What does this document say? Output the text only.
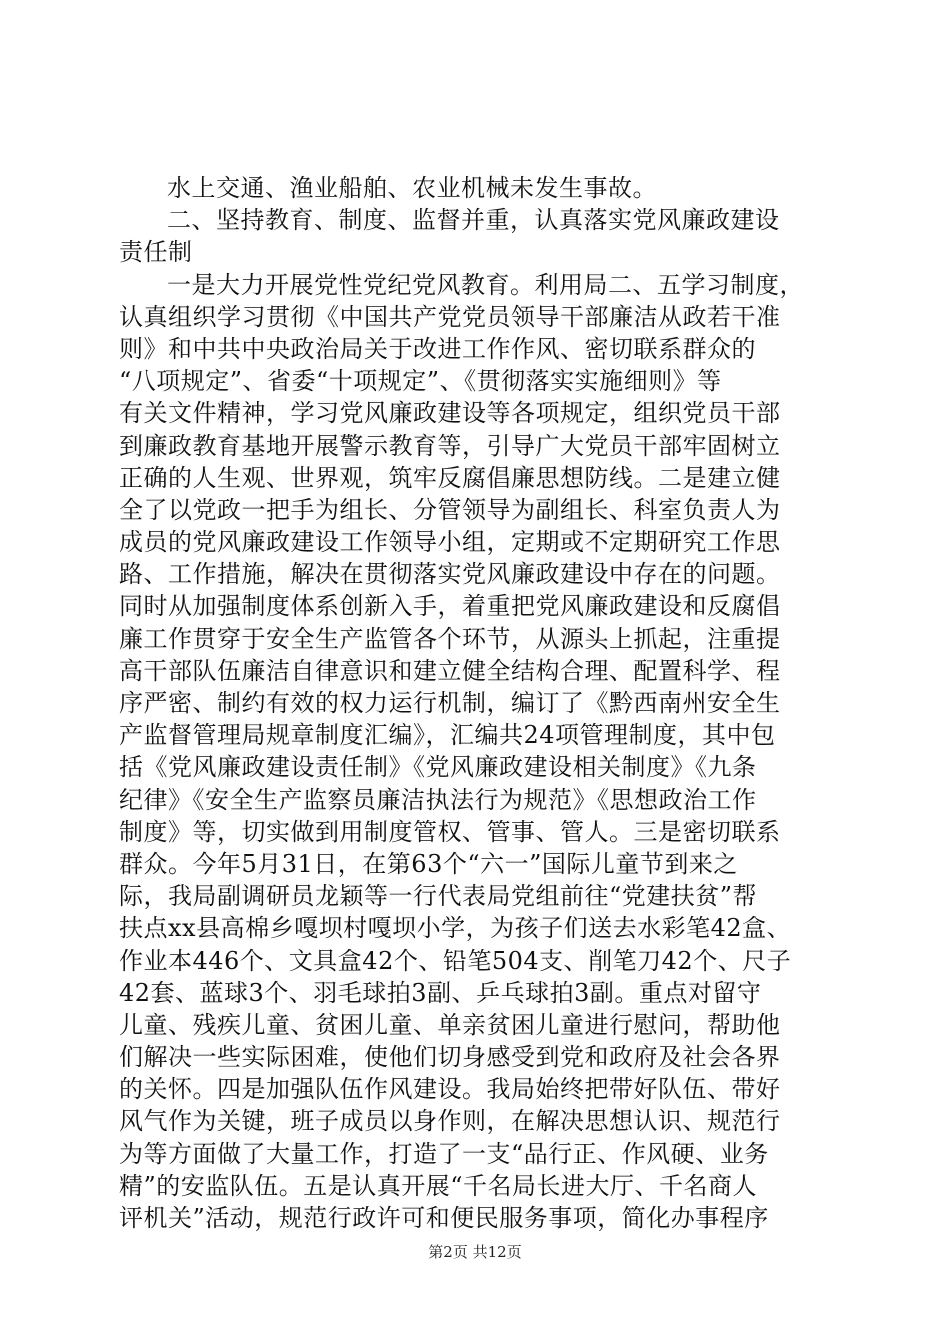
水上交通、渔业船舶、农业机械未发生事故。
二、坚持教育、制度、监督并重，认真落实党风廉政建设
责任制
一是大力开展党性党纪党风教育。利用局二、五学习制度，
认真组织学习贯彻《中国共产党党员领导干部廉洁从政若干准
则》和中共中央政治局关于改进工作作风、密切联系群众的
“八项规定”、省委“十项规定”、《贯彻落实实施细则》等
有关文件精神，学习党风廉政建设等各项规定，组织党员干部
到廉政教育基地开展警示教育等，引导广大党员干部牢固树立
正确的人生观、世界观，筑牢反腐倡廉思想防线。二是建立健
全了以党政一把手为组长、分管领导为副组长、科室负责人为
成员的党风廉政建设工作领导小组，定期或不定期研究工作思
路、工作措施，解决在贯彻落实党风廉政建设中存在的问题。
同时从加强制度体系创新入手，着重把党风廉政建设和反腐倡
廉工作贯穿于安全生产监管各个环节，从源头上抓起，注重提
高干部队伍廉洁自律意识和建立健全结构合理、配置科学、程
序严密、制约有效的权力运行机制，编订了《黔西南州安全生
产监督管理局规章制度汇编》，汇编共24项管理制度，其中包
括《党风廉政建设责任制》《党风廉政建设相关制度》《九条
纪律》《安全生产监察员廉洁执法行为规范》《思想政治工作
制度》等，切实做到用制度管权、管事、管人。三是密切联系
群众。今年5月31日，在第63个“六一”国际儿童节到来之
际，我局副调研员龙颖等一行代表局党组前往“党建扶贫”帮
扶点xx县高棉乡嘎坝村嘎坝小学，为孩子们送去水彩笔42盒、
作业本446个、文具盒42个、铅笔504支、削笔刀42个、尺子
42套、蓝球3个、羽毛球拍3副、乒乓球拍3副。重点对留守
儿童、残疾儿童、贫困儿童、单亲贫困儿童进行慰问，帮助他
们解决一些实际困难，使他们切身感受到党和政府及社会各界
的关怀。四是加强队伍作风建设。我局始终把带好队伍、带好
风气作为关键，班子成员以身作则，在解决思想认识、规范行
为等方面做了大量工作，打造了一支“品行正、作风硬、业务
精”的安监队伍。五是认真开展“千名局长进大厅、千名商人
评机关”活动，规范行政许可和便民服务事项，简化办事程序
第2页 共12页
